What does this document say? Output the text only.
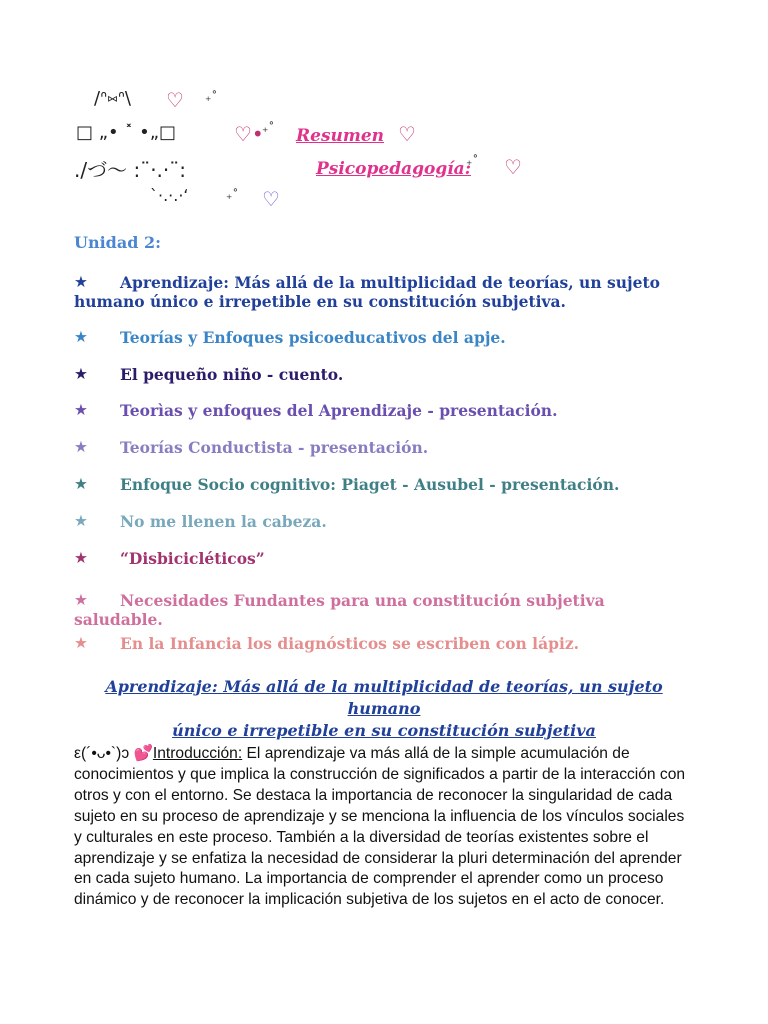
/ᐢ⑅ᐢ\ ♡ ₊˚
□ „• ˟ •„□	♡•
₊˚ Resumen ♡
./づ～ :¨·.·¨:	Psicopedagogía:
₊˚ ♡
`·.·.·ʻ	₊˚ ♡
Unidad 2:
★	Aprendizaje: Más allá de la multiplicidad de teorías, un sujeto humano único e irrepetible en su constitución subjetiva.
★	Teorías y Enfoques psicoeducativos del apje.
★	El pequeño niño - cuento.
★	Teorìas y enfoques del Aprendizaje - presentación.
★	Teorías Conductista - presentación.
★	Enfoque Socio cognitivo: Piaget - Ausubel - presentación.
★	No me llenen la cabeza.
★	“Disbicicléticos”
★	Necesidades Fundantes para una constitución subjetiva saludable.
★	En la Infancia los diagnósticos se escriben con lápiz.
Aprendizaje: Más allá de la multiplicidad de teorías, un sujeto humano
único e irrepetible en su constitución subjetiva
ε(´•ᴗ•`)ɔ 💕Introducción: El aprendizaje va más allá de la simple acumulación de conocimientos y que implica la construcción de significados a partir de la interacción con otros y con el entorno. Se destaca la importancia de reconocer la singularidad de cada sujeto en su proceso de aprendizaje y se menciona la influencia de los vínculos sociales y culturales en este proceso. También a la diversidad de teorías existentes sobre el aprendizaje y se enfatiza la necesidad de considerar la pluri determinación del aprender en cada sujeto humano. La importancia de comprender el aprender como un proceso dinámico y de reconocer la implicación subjetiva de los sujetos en el acto de conocer.
